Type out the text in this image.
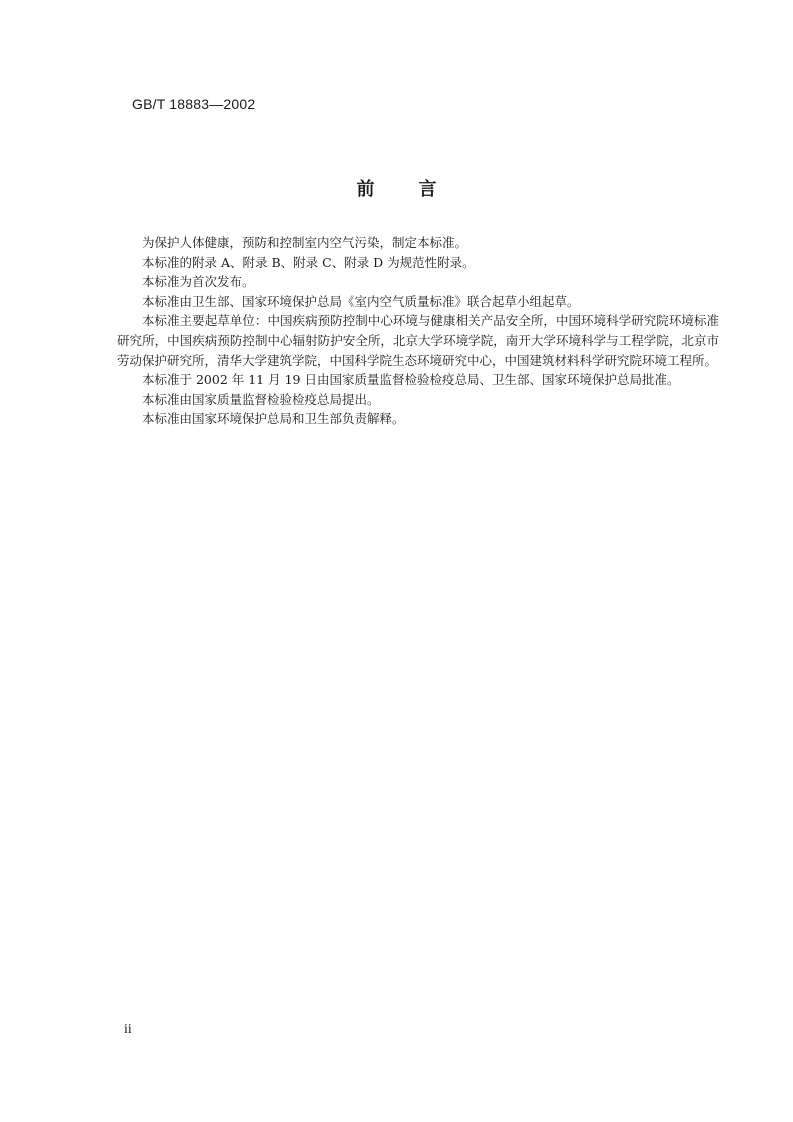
GB/T 18883—2002
前言

为保护人体健康，预防和控制室内空气污染，制定本标准。

本标准的附录 A、附录 B、附录 C、附录 D 为规范性附录。

本标准为首次发布。

本标准由卫生部、国家环境保护总局《室内空气质量标准》联合起草小组起草。

本标准主要起草单位：中国疾病预防控制中心环境与健康相关产品安全所，中国环境科学研究院环境标准研究所，中国疾病预防控制中心辐射防护安全所，北京大学环境学院，南开大学环境科学与工程学院，北京市劳动保护研究所，清华大学建筑学院，中国科学院生态环境研究中心，中国建筑材料科学研究院环境工程所。

本标准于 2002 年 11 月 19 日由国家质量监督检验检疫总局、卫生部、国家环境保护总局批准。

本标准由国家质量监督检验检疫总局提出。

本标准由国家环境保护总局和卫生部负责解释。

ii
